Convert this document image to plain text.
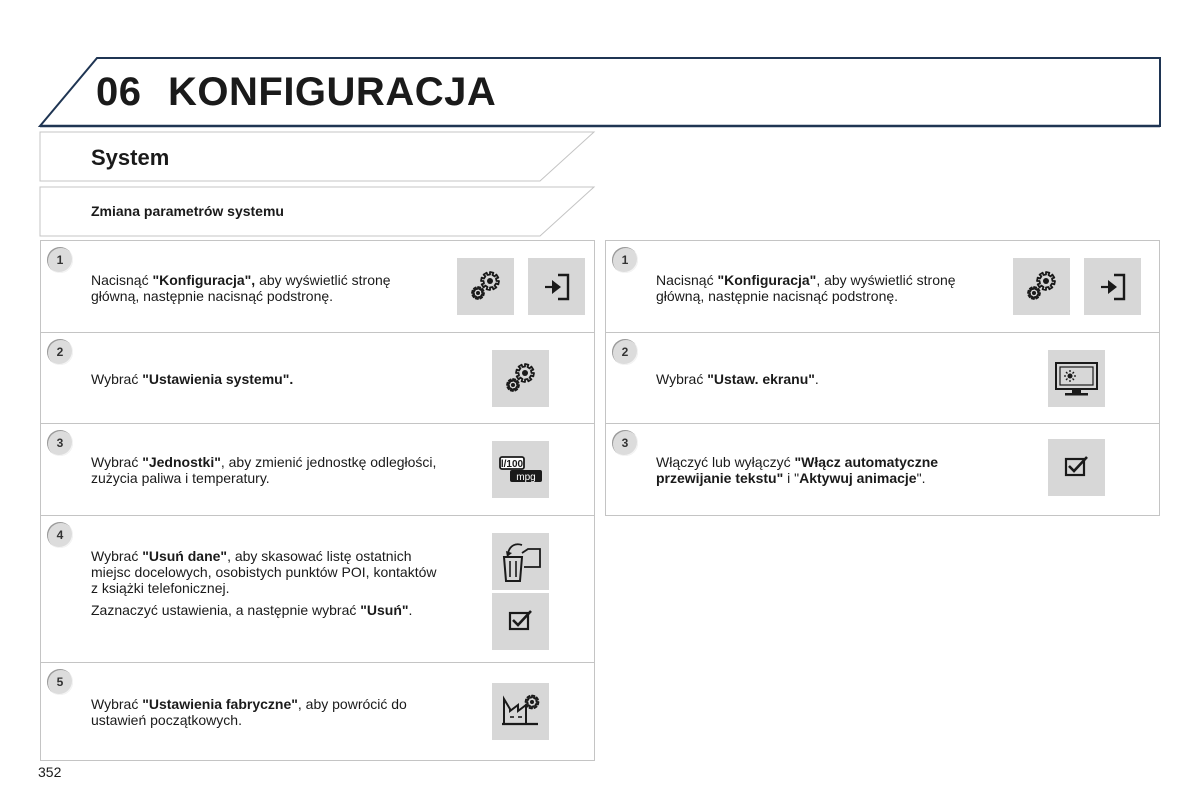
06 KONFIGURACJA
System
Zmiana parametrów systemu
1

Nacisnąć "Konfiguracja", aby wyświetlić stronę główną, następnie nacisnąć podstronę.

2

Wybrać "Ustawienia systemu".

3

Wybrać "Jednostki", aby zmienić jednostkę odległości, zużycia paliwa i temperatury.

l/100
mpg
4

Wybrać "Usuń dane", aby skasować listę ostatnich miejsc docelowych, osobistych punktów POI, kontaktów z książki telefonicznej.

Zaznaczyć ustawienia, a następnie wybrać "Usuń".

5

Wybrać "Ustawienia fabryczne", aby powrócić do ustawień początkowych.

1

Nacisnąć "Konfiguracja", aby wyświetlić stronę główną, następnie nacisnąć podstronę.

2

Wybrać "Ustaw. ekranu".

3

Włączyć lub wyłączyć "Włącz automatyczne przewijanie tekstu" i "Aktywuj animacje".

352
